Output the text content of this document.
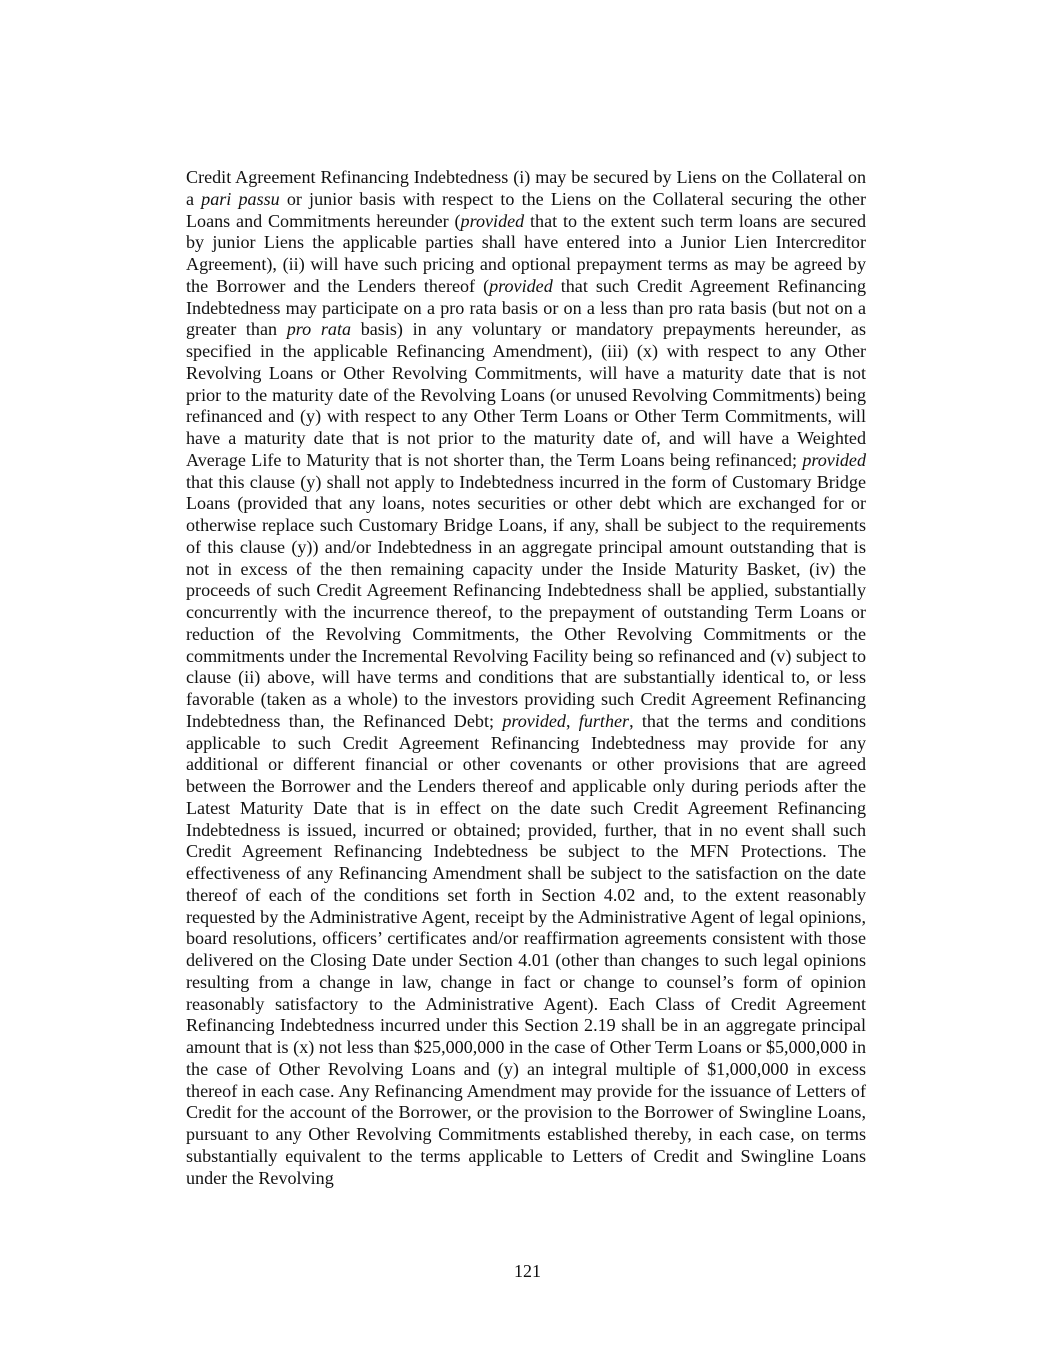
Credit Agreement Refinancing Indebtedness (i) may be secured by Liens on the Collateral on a pari passu or junior basis with respect to the Liens on the Collateral securing the other Loans and Commitments hereunder (provided that to the extent such term loans are secured by junior Liens the applicable parties shall have entered into a Junior Lien Intercreditor Agreement), (ii) will have such pricing and optional prepayment terms as may be agreed by the Borrower and the Lenders thereof (provided that such Credit Agreement Refinancing Indebtedness may participate on a pro rata basis or on a less than pro rata basis (but not on a greater than pro rata basis) in any voluntary or mandatory prepayments hereunder, as specified in the applicable Refinancing Amendment), (iii) (x) with respect to any Other Revolving Loans or Other Revolving Commitments, will have a maturity date that is not prior to the maturity date of the Revolving Loans (or unused Revolving Commitments) being refinanced and (y) with respect to any Other Term Loans or Other Term Commitments, will have a maturity date that is not prior to the maturity date of, and will have a Weighted Average Life to Maturity that is not shorter than, the Term Loans being refinanced; provided that this clause (y) shall not apply to Indebtedness incurred in the form of Customary Bridge Loans (provided that any loans, notes securities or other debt which are exchanged for or otherwise replace such Customary Bridge Loans, if any, shall be subject to the requirements of this clause (y)) and/or Indebtedness in an aggregate principal amount outstanding that is not in excess of the then remaining capacity under the Inside Maturity Basket, (iv) the proceeds of such Credit Agreement Refinancing Indebtedness shall be applied, substantially concurrently with the incurrence thereof, to the prepayment of outstanding Term Loans or reduction of the Revolving Commitments, the Other Revolving Commitments or the commitments under the Incremental Revolving Facility being so refinanced and (v) subject to clause (ii) above, will have terms and conditions that are substantially identical to, or less favorable (taken as a whole) to the investors providing such Credit Agreement Refinancing Indebtedness than, the Refinanced Debt; provided, further, that the terms and conditions applicable to such Credit Agreement Refinancing Indebtedness may provide for any additional or different financial or other covenants or other provisions that are agreed between the Borrower and the Lenders thereof and applicable only during periods after the Latest Maturity Date that is in effect on the date such Credit Agreement Refinancing Indebtedness is issued, incurred or obtained; provided, further, that in no event shall such Credit Agreement Refinancing Indebtedness be subject to the MFN Protections. The effectiveness of any Refinancing Amendment shall be subject to the satisfaction on the date thereof of each of the conditions set forth in Section 4.02 and, to the extent reasonably requested by the Administrative Agent, receipt by the Administrative Agent of legal opinions, board resolutions, officers’ certificates and/or reaffirmation agreements consistent with those delivered on the Closing Date under Section 4.01 (other than changes to such legal opinions resulting from a change in law, change in fact or change to counsel’s form of opinion reasonably satisfactory to the Administrative Agent). Each Class of Credit Agreement Refinancing Indebtedness incurred under this Section 2.19 shall be in an aggregate principal amount that is (x) not less than $25,000,000 in the case of Other Term Loans or $5,000,000 in the case of Other Revolving Loans and (y) an integral multiple of $1,000,000 in excess thereof in each case. Any Refinancing Amendment may provide for the issuance of Letters of Credit for the account of the Borrower, or the provision to the Borrower of Swingline Loans, pursuant to any Other Revolving Commitments established thereby, in each case, on terms substantially equivalent to the terms applicable to Letters of Credit and Swingline Loans under the Revolving

121
